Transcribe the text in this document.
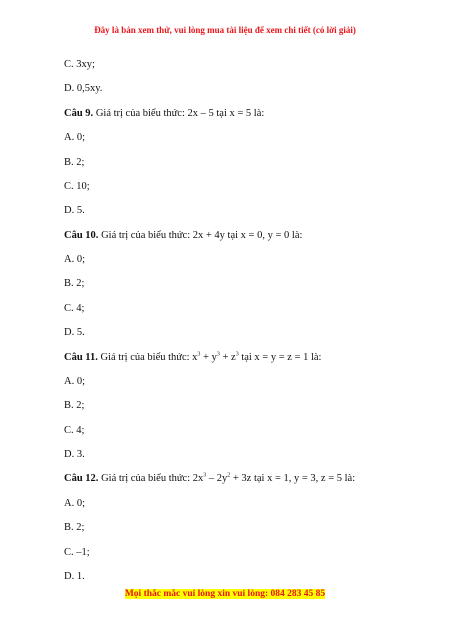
Đây là bản xem thử, vui lòng mua tài liệu để xem chi tiết (có lời giải)
C. 3xy;
D. 0,5xy.
Câu 9. Giá trị của biểu thức: 2x – 5 tại x = 5 là:
A. 0;
B. 2;
C. 10;
D. 5.
Câu 10. Giá trị của biểu thức: 2x + 4y tại x = 0, y = 0 là:
A. 0;
B. 2;
C. 4;
D. 5.
Câu 11. Giá trị của biểu thức: $x^3 + y^3 + z^3$ tại x = y = z = 1 là:
A. 0;
B. 2;
C. 4;
D. 3.
Câu 12. Giá trị của biểu thức: $2x^3 - 2y^2 + 3z$ tại x = 1, y = 3, z = 5 là:
A. 0;
B. 2;
C. –1;
D. 1.
Mọi thắc mắc vui lòng xin vui lòng: 084 283 45 85
